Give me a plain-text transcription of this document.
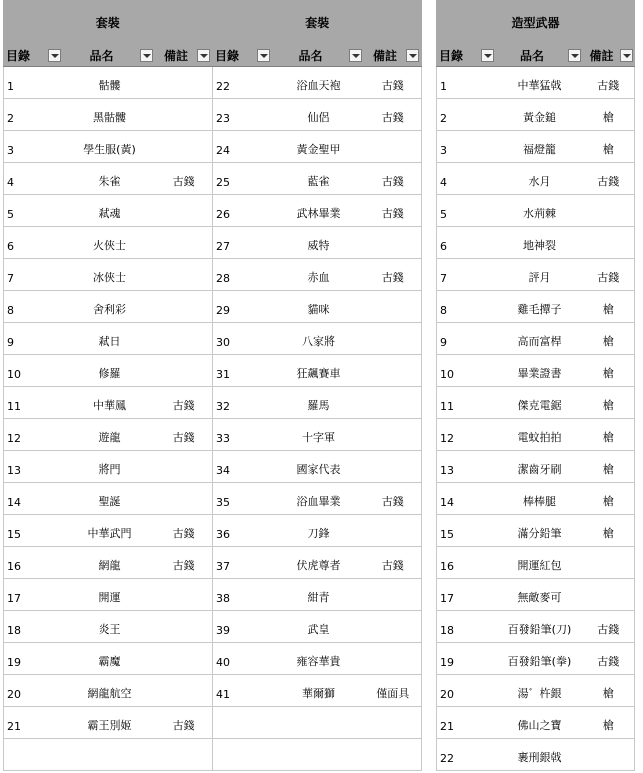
套裝	套裝
目錄	品名	備註	目錄	品名	備註
1	骷髏
2	黑骷髏
3	學生服(黃)
4	朱雀	古錢
5	弒魂
6	火俠士
7	冰俠士
8	舍利彩
9	弒日
10	修羅
11	中華鳳	古錢
12	遊龍	古錢
13	將門
14	聖誕
15	中華武門	古錢
16	網龍	古錢
17	開運
18	炎王
19	霸魔
20	網龍航空
21	霸王別姬	古錢
22	浴血天袍	古錢
23	仙侶	古錢
24	黃金聖甲
25	藍雀	古錢
26	武林畢業	古錢
27	威特
28	赤血	古錢
29	貓咪
30	八家將
31	狂飆賽車
32	羅馬
33	十字軍
34	國家代表
35	浴血畢業	古錢
36	刀鋒
37	伏虎尊者	古錢
38	紺青
39	武皇
40	雍容華貴
41	華爾獅	僅面具
造型武器
目錄	品名	備註
1	中華猛戟	古錢
2	黃金鎚	槍
3	福燈籠	槍
4	水月	古錢
5	水荊棘
6	地神裂
7	評月	古錢
8	雞毛撢子	槍
9	高而富桿	槍
10	畢業證書	槍
11	傑克電鋸	槍
12	電蚊拍拍	槍
13	潔齒牙刷	槍
14	棒棒腿	槍
15	滿分鉛筆	槍
16	開運紅包
17	無敵麥可
18	百發鉛筆(刀)	古錢
19	百發鉛筆(拳)	古錢
20	湯゛杵銀	槍
21	佛山之寶	槍
22	裹刑銀戟
